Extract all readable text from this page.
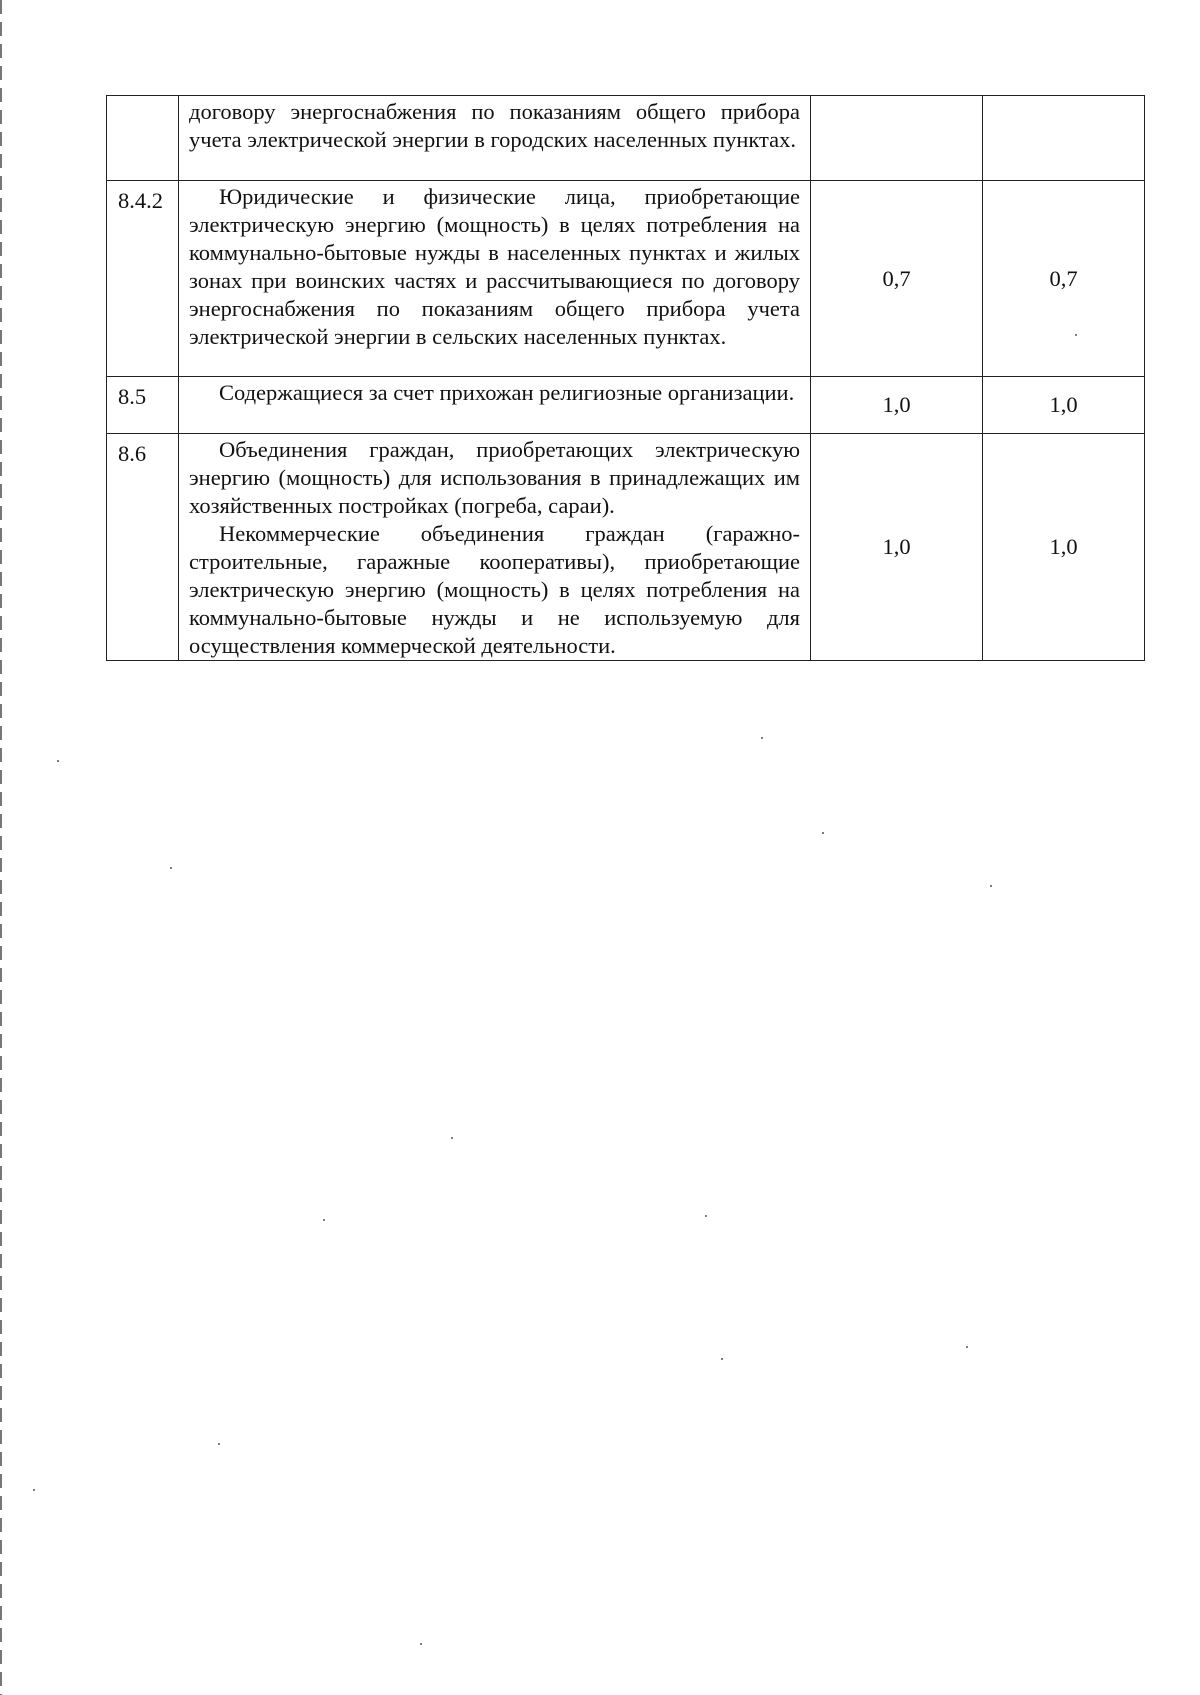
	договору энергоснабжения по показаниям общего прибора учета электрической энергии в городских населенных пунктах.		

8.4.2	Юридические и физические лица, приобретающие электрическую энергию (мощность) в целях потребления на коммунально-бытовые нужды в населенных пунктах и жилых зонах при воинских частях и рассчитывающиеся по договору энергоснабжения по показаниям общего прибора учета электрической энергии в сельских населенных пунктах.	0,7	0,7
8.5	Содержащиеся за счет прихожан религиозные организации.	1,0	1,0
8.6	Объединения граждан, приобретающих электрическую энергию (мощность) для использования в принадлежащих им хозяйственных постройках (погреба, сараи).

Некоммерческие объединения граждан (гаражно-строительные, гаражные кооперативы), приобретающие электрическую энергию (мощность) в целях потребления на коммунально-бытовые нужды и не используемую для осуществления коммерческой деятельности.	1,0	1,0
